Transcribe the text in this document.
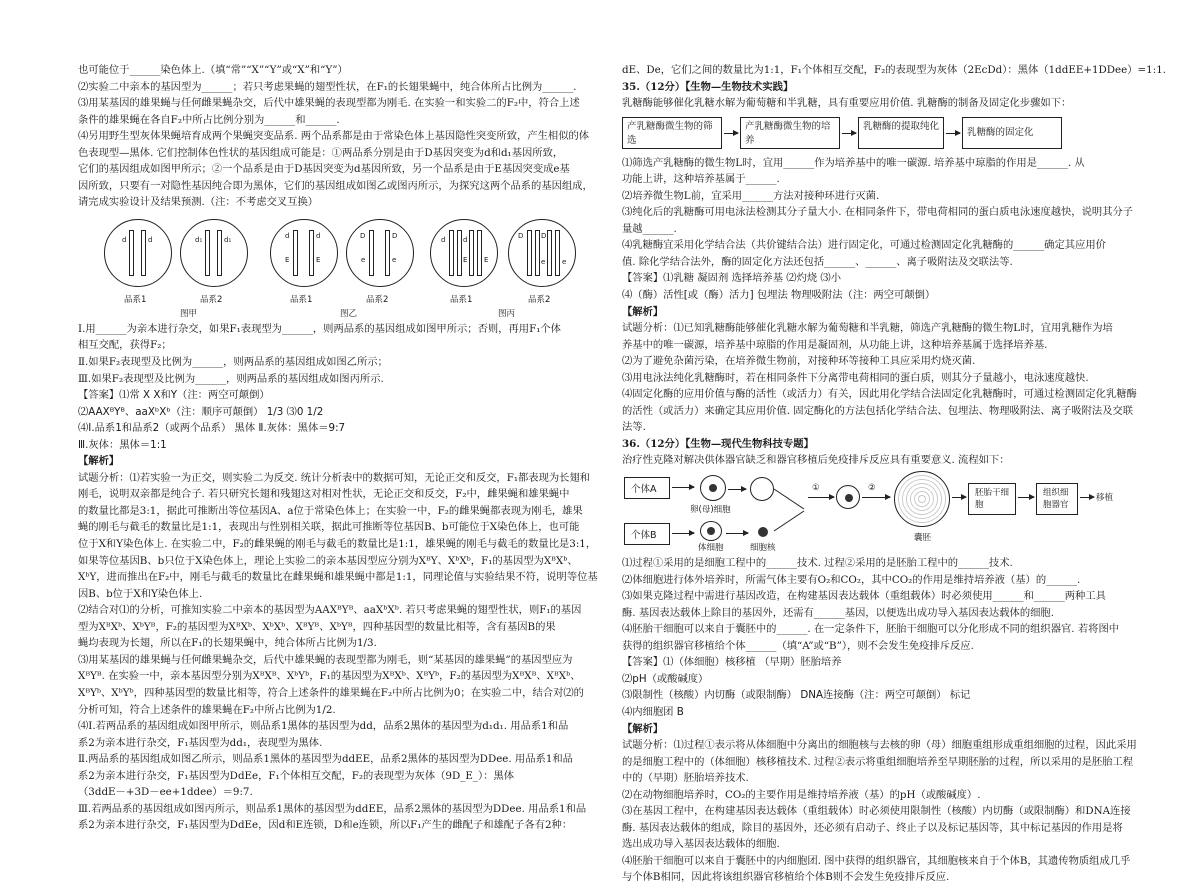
也可能位于______染色体上.（填“常”“X”“Y”或“X”和“Y”）

⑵实验二中亲本的基因型为______；若只考虑果蝇的翅型性状，在F₁的长翅果蝇中，纯合体所占比例为______.

⑶用某基因的雄果蝇与任何雌果蝇杂交，后代中雄果蝇的表现型都为刚毛. 在实验一和实验二的F₂中，符合上述

条件的雄果蝇在各自F₂中所占比例分别为______和______.

⑷另用野生型灰体果蝇培育成两个果蝇突变品系. 两个品系都是由于常染色体上基因隐性突变所致，产生相似的体

色表现型—黑体. 它们控制体色性状的基因组成可能是：①两品系分别是由于D基因突变为d和d₁基因所致，

它们的基因组成如图甲所示；②一个品系是由于D基因突变为d基因所致，另一个品系是由于E基因突变成e基

因所致，只要有一对隐性基因纯合即为黑体，它们的基因组成如图乙或图丙所示，为探究这两个品系的基因组成，

请完成实验设计及结果预测.（注：不考虑交叉互换）

d	d	d₁	d₁	d	d
E	E
D	D
e	e
d	d
E E
D	D
e e
品系1	品系2	品系1	品系2	品系1	品系2
图甲	图乙	图丙

Ⅰ.用______为亲本进行杂交，如果F₁表现型为______，则两品系的基因组成如图甲所示；否则，再用F₁个体

相互交配，获得F₂；

Ⅱ.如果F₂表现型及比例为______，则两品系的基因组成如图乙所示；

Ⅲ.如果F₂表现型及比例为______，则两品系的基因组成如图丙所示.

【答案】⑴常 X X和Y（注：两空可颠倒）

⑵AAXᴮYᴮ、aaXᵇXᵇ（注：顺序可颠倒） 1/3 ⑶0 1/2

⑷Ⅰ.品系1和品系2（或两个品系） 黑体 Ⅱ.灰体：黑体＝9:7

Ⅲ.灰体：黑体＝1:1

【解析】

试题分析：⑴若实验一为正交，则实验二为反交. 统计分析表中的数据可知，无论正交和反交，F₁都表现为长翅和

刚毛，说明双亲都是纯合子. 若只研究长翅和残翅这对相对性状，无论正交和反交，F₂中，雌果蝇和雄果蝇中

的数量比都是3:1，据此可推断出等位基因A、a位于常染色体上；在实验一中，F₂的雌果蝇都表现为刚毛，雄果

蝇的刚毛与截毛的数量比是1:1，表现出与性别相关联，据此可推断等位基因B、b可能位于X染色体上，也可能

位于X和Y染色体上. 在实验二中，F₂的雌果蝇的刚毛与截毛的数量比是1:1，雄果蝇的刚毛与截毛的数量比是3:1，

如果等位基因B、b只位于X染色体上，理论上实验二的亲本基因型应分别为XᴮY、XᵇXᵇ，F₁的基因型为XᴮXᵇ、

XᵇY，进而推出在F₂中，刚毛与截毛的数量比在雌果蝇和雄果蝇中都是1:1，同理论值与实验结果不符，说明等位基

因B、b位于X和Y染色体上.

⑵结合对⑴的分析，可推知实验二中亲本的基因型为AAXᴮYᴮ、aaXᵇXᵇ. 若只考虑果蝇的翅型性状，则F₁的基因

型为XᴮXᵇ、XᵇYᴮ，F₂的基因型为XᴮXᵇ、XᵇXᵇ、XᴮYᴮ、XᵇYᴮ，四种基因型的数量比相等，含有基因B的果

蝇均表现为长翅，所以在F₁的长翅果蝇中，纯合体所占比例为1/3.

⑶用某基因的雄果蝇与任何雌果蝇杂交，后代中雄果蝇的表现型都为刚毛，则“某基因的雄果蝇”的基因型应为

XᴮYᴮ. 在实验一中，亲本基因型分别为XᴮXᴮ、XᵇYᵇ，F₁的基因型为XᴮXᵇ、XᴮYᵇ，F₂的基因型为XᴮXᴮ、XᴮXᵇ、

XᴮYᵇ、XᵇYᵇ，四种基因型的数量比相等，符合上述条件的雄果蝇在F₂中所占比例为0；在实验二中，结合对⑵的

分析可知，符合上述条件的雄果蝇在F₂中所占比例为1/2.

⑷Ⅰ.若两品系的基因组成如图甲所示，则品系1黑体的基因型为dd，品系2黑体的基因型为d₁d₁. 用品系1和品

系2为亲本进行杂交，F₁基因型为dd₁，表现型为黑体.

Ⅱ.两品系的基因组成如图乙所示，则品系1黑体的基因型为ddEE，品系2黑体的基因型为DDee. 用品系1和品

系2为亲本进行杂交，F₁基因型为DdEe，F₁个体相互交配，F₂的表现型为灰体（9D_E_）：黑体

（3ddE－+3D－ee+1ddee）＝9:7.

Ⅲ.若两品系的基因组成如图丙所示，则品系1黑体的基因型为ddEE，品系2黑体的基因型为DDee. 用品系1和品

系2为亲本进行杂交，F₁基因型为DdEe，因d和E连锁，D和e连锁，所以F₁产生的雌配子和雄配子各有2种：

dE、De，它们之间的数量比为1:1，F₁个体相互交配，F₂的表现型为灰体（2EcDd）：黑体（1ddEE+1DDee）=1:1.

35.（12分）【生物—生物技术实践】

乳糖酶能够催化乳糖水解为葡萄糖和半乳糖，具有重要应用价值. 乳糖酶的制备及固定化步骤如下：

产乳糖酶微生物的筛选
产乳糖酶微生物的培养
乳糖酶的提取纯化
乳糖酶的固定化

⑴筛选产乳糖酶的微生物L时，宜用______作为培养基中的唯一碳源. 培养基中琼脂的作用是______. 从

功能上讲，这种培养基属于______.

⑵培养微生物L前，宜采用______方法对接种环进行灭菌.

⑶纯化后的乳糖酶可用电泳法检测其分子量大小. 在相同条件下，带电荷相同的蛋白质电泳速度越快，说明其分子

量越______.

⑷乳糖酶宜采用化学结合法（共价键结合法）进行固定化，可通过检测固定化乳糖酶的______确定其应用价

值. 除化学结合法外，酶的固定化方法还包括______、______、离子吸附法及交联法等.

【答案】⑴乳糖 凝固剂 选择培养基 ⑵灼烧 ⑶小

⑷（酶）活性[或（酶）活力] 包埋法 物理吸附法（注：两空可颠倒）

【解析】

试题分析：⑴已知乳糖酶能够催化乳糖水解为葡萄糖和半乳糖，筛选产乳糖酶的微生物L时，宜用乳糖作为培

养基中的唯一碳源，培养基中琼脂的作用是凝固剂，从功能上讲，这种培养基属于选择培养基.

⑵为了避免杂菌污染，在培养微生物前，对接种环等接种工具应采用灼烧灭菌.

⑶用电泳法纯化乳糖酶时，若在相同条件下分离带电荷相同的蛋白质，则其分子量越小，电泳速度越快.

⑷固定化酶的应用价值与酶的活性（或活力）有关，因此用化学结合法固定化乳糖酶时，可通过检测固定化乳糖酶

的活性（或活力）来确定其应用价值. 固定酶化的方法包括化学结合法、包埋法、物理吸附法、离子吸附法及交联

法等.

36.（12分）【生物—现代生物科技专题】

治疗性克隆对解决供体器官缺乏和器官移植后免疫排斥反应具有重要意义. 流程如下：

个体A
个体B
卵(母)细胞
体细胞	细胞核
①	②
囊胚
胚胎干细胞
组织细胞器官
移植

⑴过程①采用的是细胞工程中的______技术. 过程②采用的是胚胎工程中的______技术.

⑵体细胞进行体外培养时，所需气体主要有O₂和CO₂，其中CO₂的作用是维持培养液（基）的______.

⑶如果克隆过程中需进行基因改造，在构建基因表达载体（重组载体）时必须使用______和______两种工具

酶. 基因表达载体上除目的基因外，还需有______基因，以便选出成功导入基因表达载体的细胞.

⑷胚胎干细胞可以来自于囊胚中的______. 在一定条件下，胚胎干细胞可以分化形成不同的组织器官. 若将图中

获得的组织器官移植给个体______（填“A”或“B”），则不会发生免疫排斥反应.

【答案】⑴（体细胞）核移植 （早期）胚胎培养

⑵pH（或酸碱度）

⑶限制性（核酸）内切酶（或限制酶） DNA连接酶（注：两空可颠倒） 标记

⑷内细胞团 B

【解析】

试题分析：⑴过程①表示将从体细胞中分离出的细胞核与去核的卵（母）细胞重组形成重组细胞的过程，因此采用

的是细胞工程中的（体细胞）核移植技术. 过程②表示将重组细胞培养至早期胚胎的过程，所以采用的是胚胎工程

中的（早期）胚胎培养技术.

⑵在动物细胞培养时，CO₂的主要作用是维持培养液（基）的pH（或酸碱度）.

⑶在基因工程中，在构建基因表达载体（重组载体）时必须使用限制性（核酸）内切酶（或限制酶）和DNA连接

酶. 基因表达载体的组成，除目的基因外，还必须有启动子、终止子以及标记基因等，其中标记基因的作用是将

选出成功导入基因表达载体的细胞.

⑷胚胎干细胞可以来自于囊胚中的内细胞团. 图中获得的组织器官，其细胞核来自于个体B，其遗传物质组成几乎

与个体B相同，因此将该组织器官移植给个体B则不会发生免疫排斥反应.
